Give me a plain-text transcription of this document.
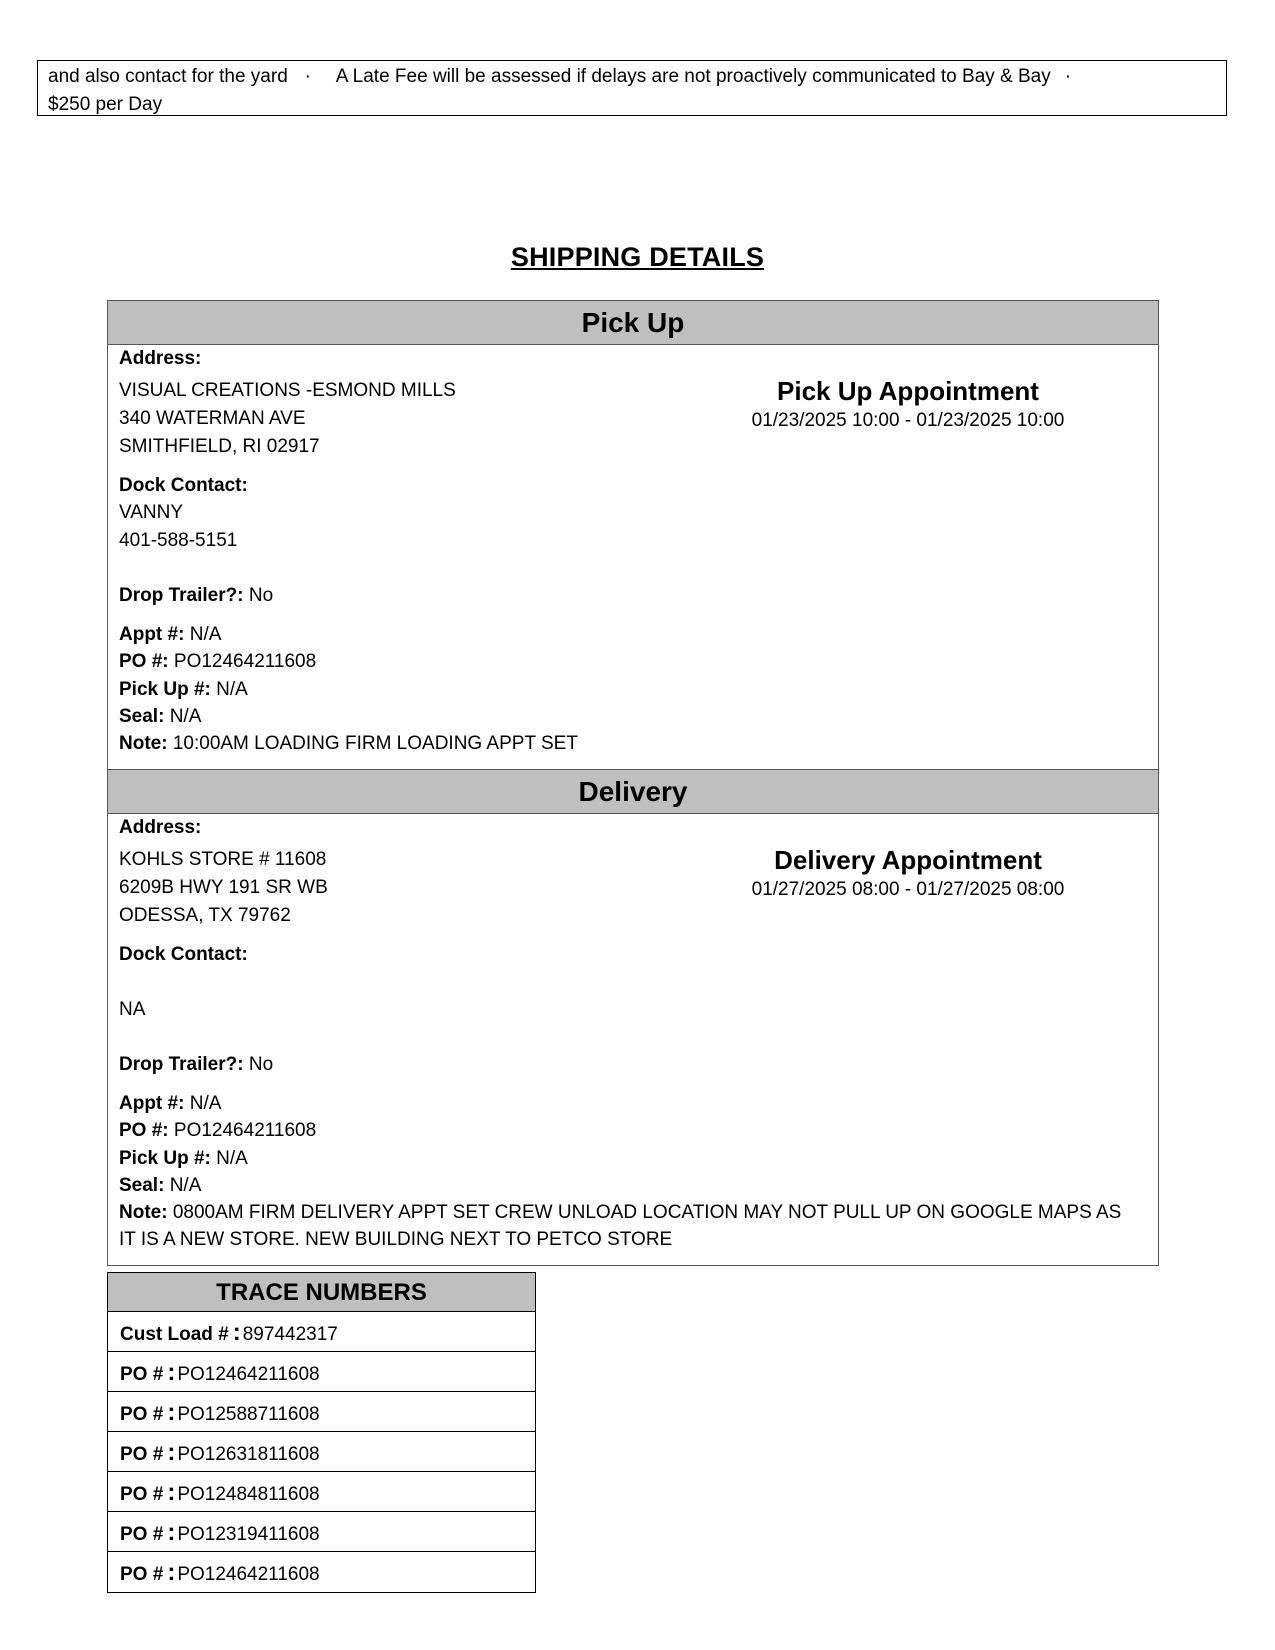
and also contact for the yard ·	A Late Fee will be assessed if delays are not proactively communicated to Bay & Bay ·
$250 per Day
SHIPPING DETAILS
Pick Up
Address:
VISUAL CREATIONS -ESMOND MILLS
340 WATERMAN AVE
SMITHFIELD, RI 02917
Pick Up Appointment
01/23/2025 10:00 - 01/23/2025 10:00
Dock Contact:
VANNY
401-588-5151
Drop Trailer?: No
Appt #: N/A
PO #: PO12464211608
Pick Up #: N/A
Seal: N/A
Note: 10:00AM LOADING FIRM LOADING APPT SET
Delivery
Address:
KOHLS STORE # 11608
6209B HWY 191 SR WB
ODESSA, TX 79762
Delivery Appointment
01/27/2025 08:00 - 01/27/2025 08:00
Dock Contact:
NA
Drop Trailer?: No
Appt #: N/A
PO #: PO12464211608
Pick Up #: N/A
Seal: N/A
Note: 0800AM FIRM DELIVERY APPT SET CREW UNLOAD LOCATION MAY NOT PULL UP ON GOOGLE MAPS AS
IT IS A NEW STORE. NEW BUILDING NEXT TO PETCO STORE
TRACE NUMBERS
Cust Load # : 897442317
PO # : PO12464211608
PO # : PO12588711608
PO # : PO12631811608
PO # : PO12484811608
PO # : PO12319411608
PO # : PO12464211608
